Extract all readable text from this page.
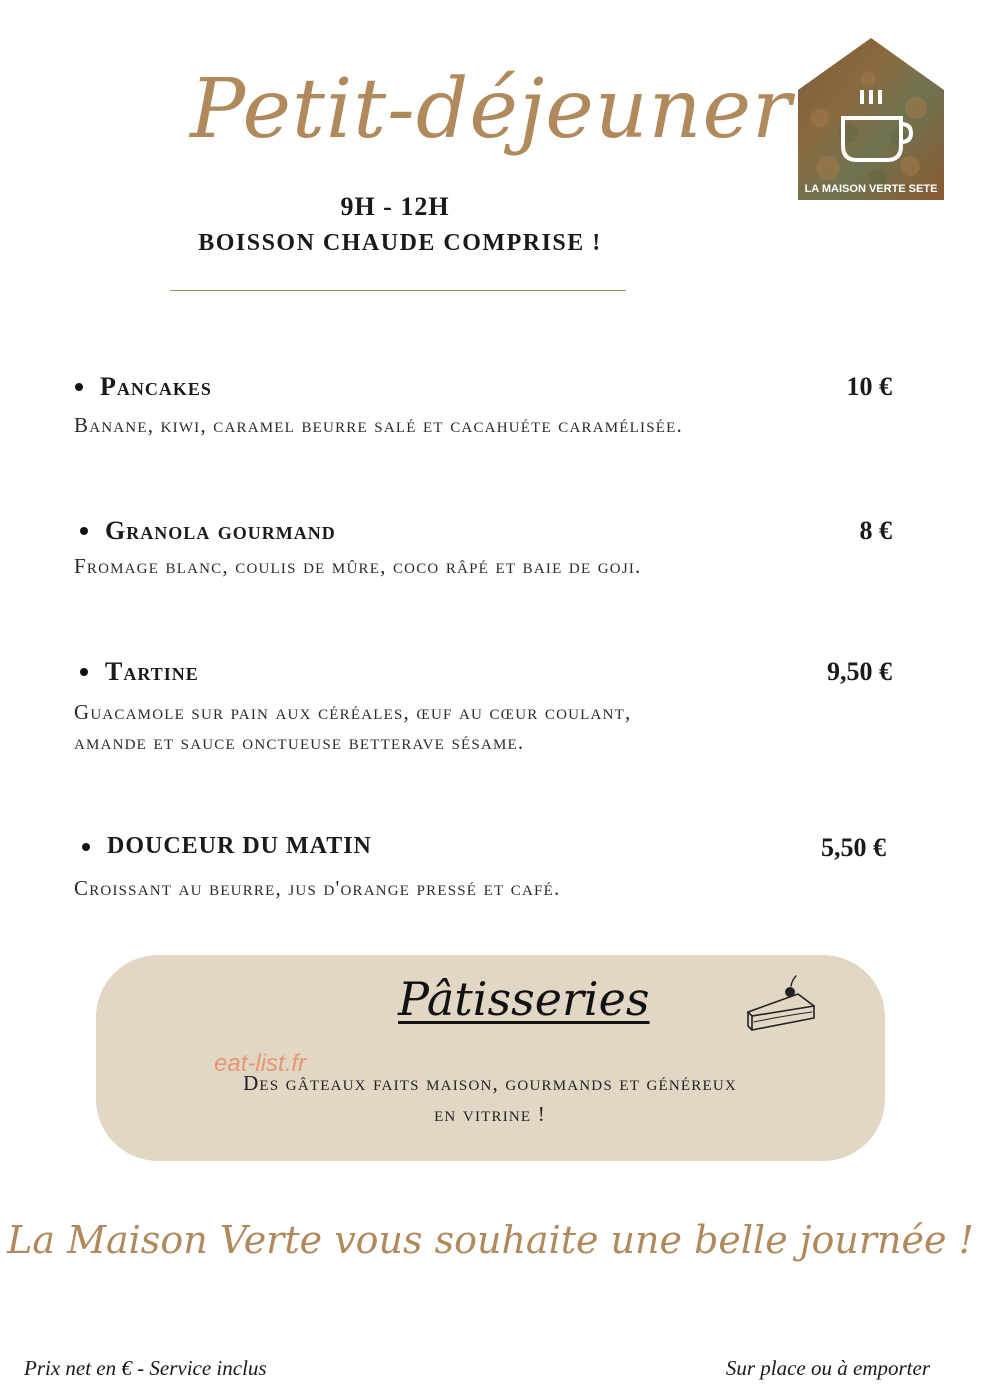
Petit-déjeuner
9H - 12H
BOISSON CHAUDE COMPRISE !
LA MAISON VERTE SETE
Pancakes	10 €
Banane, kiwi, caramel beurre salé et cacahuéte caramélisée.
Granola gourmand	8 €
Fromage blanc, coulis de mûre, coco râpé et baie de goji.
Tartine	9,50 €
Guacamole sur pain aux céréales, œuf au cœur coulant,
amande et sauce onctueuse betterave sésame.
DOUCEUR DU MATIN	5,50 €
Croissant au beurre, jus d'orange pressé et café.
Pâtisseries
eat-list.fr
Des gâteaux faits maison, gourmands et généreux
en vitrine !
La Maison Verte vous souhaite une belle journée !
Prix net en € - Service inclus	Sur place ou à emporter
